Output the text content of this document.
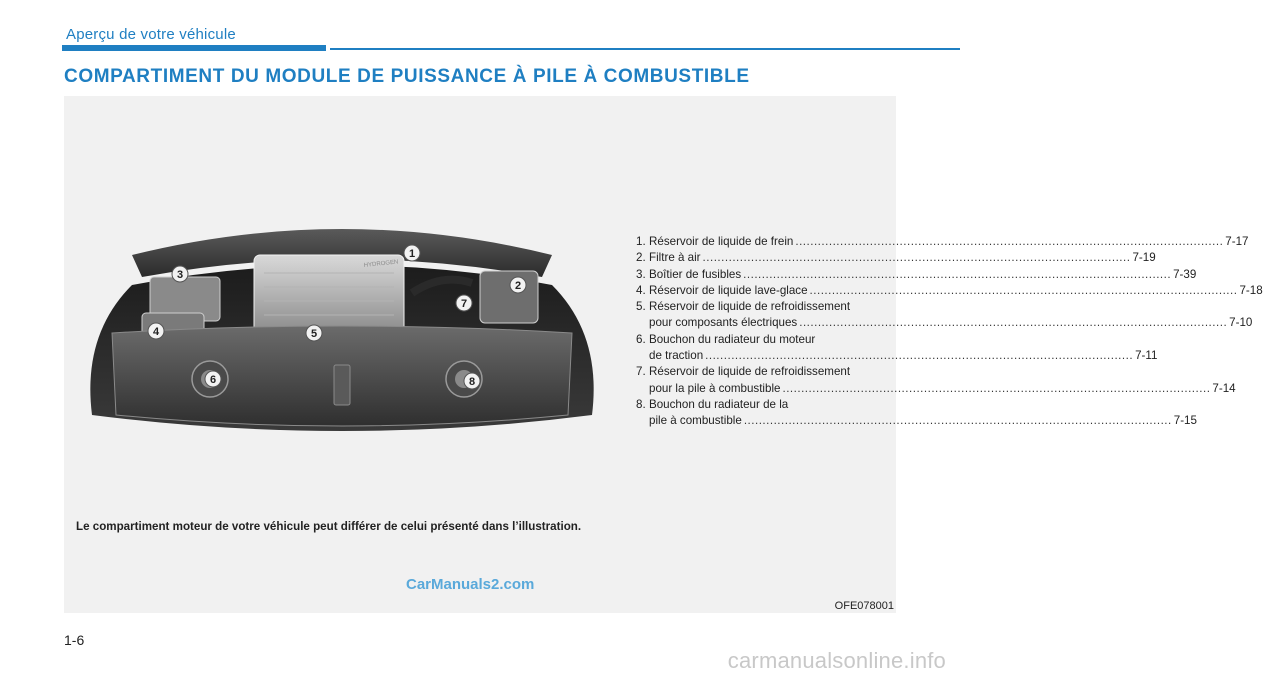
Aperçu de votre véhicule
COMPARTIMENT DU MODULE DE PUISSANCE À PILE À COMBUSTIBLE
HYDROGEN
1
2
3
4	5
6
7
8
1. Réservoir de liquide de frein .....	7-17
2. Filtre à air .....	7-19
3. Boîtier de fusibles .....	7-39
4. Réservoir de liquide lave-glace .....	7-18
5. Réservoir de liquide de refroidissement
pour composants électriques .....	7-10
6. Bouchon du radiateur du moteur
de traction .....	7-11
7. Réservoir de liquide de refroidissement
pour la pile à combustible .....	7-14
8. Bouchon du radiateur de la
pile à combustible .....	7-15
Le compartiment moteur de votre véhicule peut différer de celui présenté dans l’illustration.
CarManuals2.com
OFE078001
1-6
carmanualsonline.info
